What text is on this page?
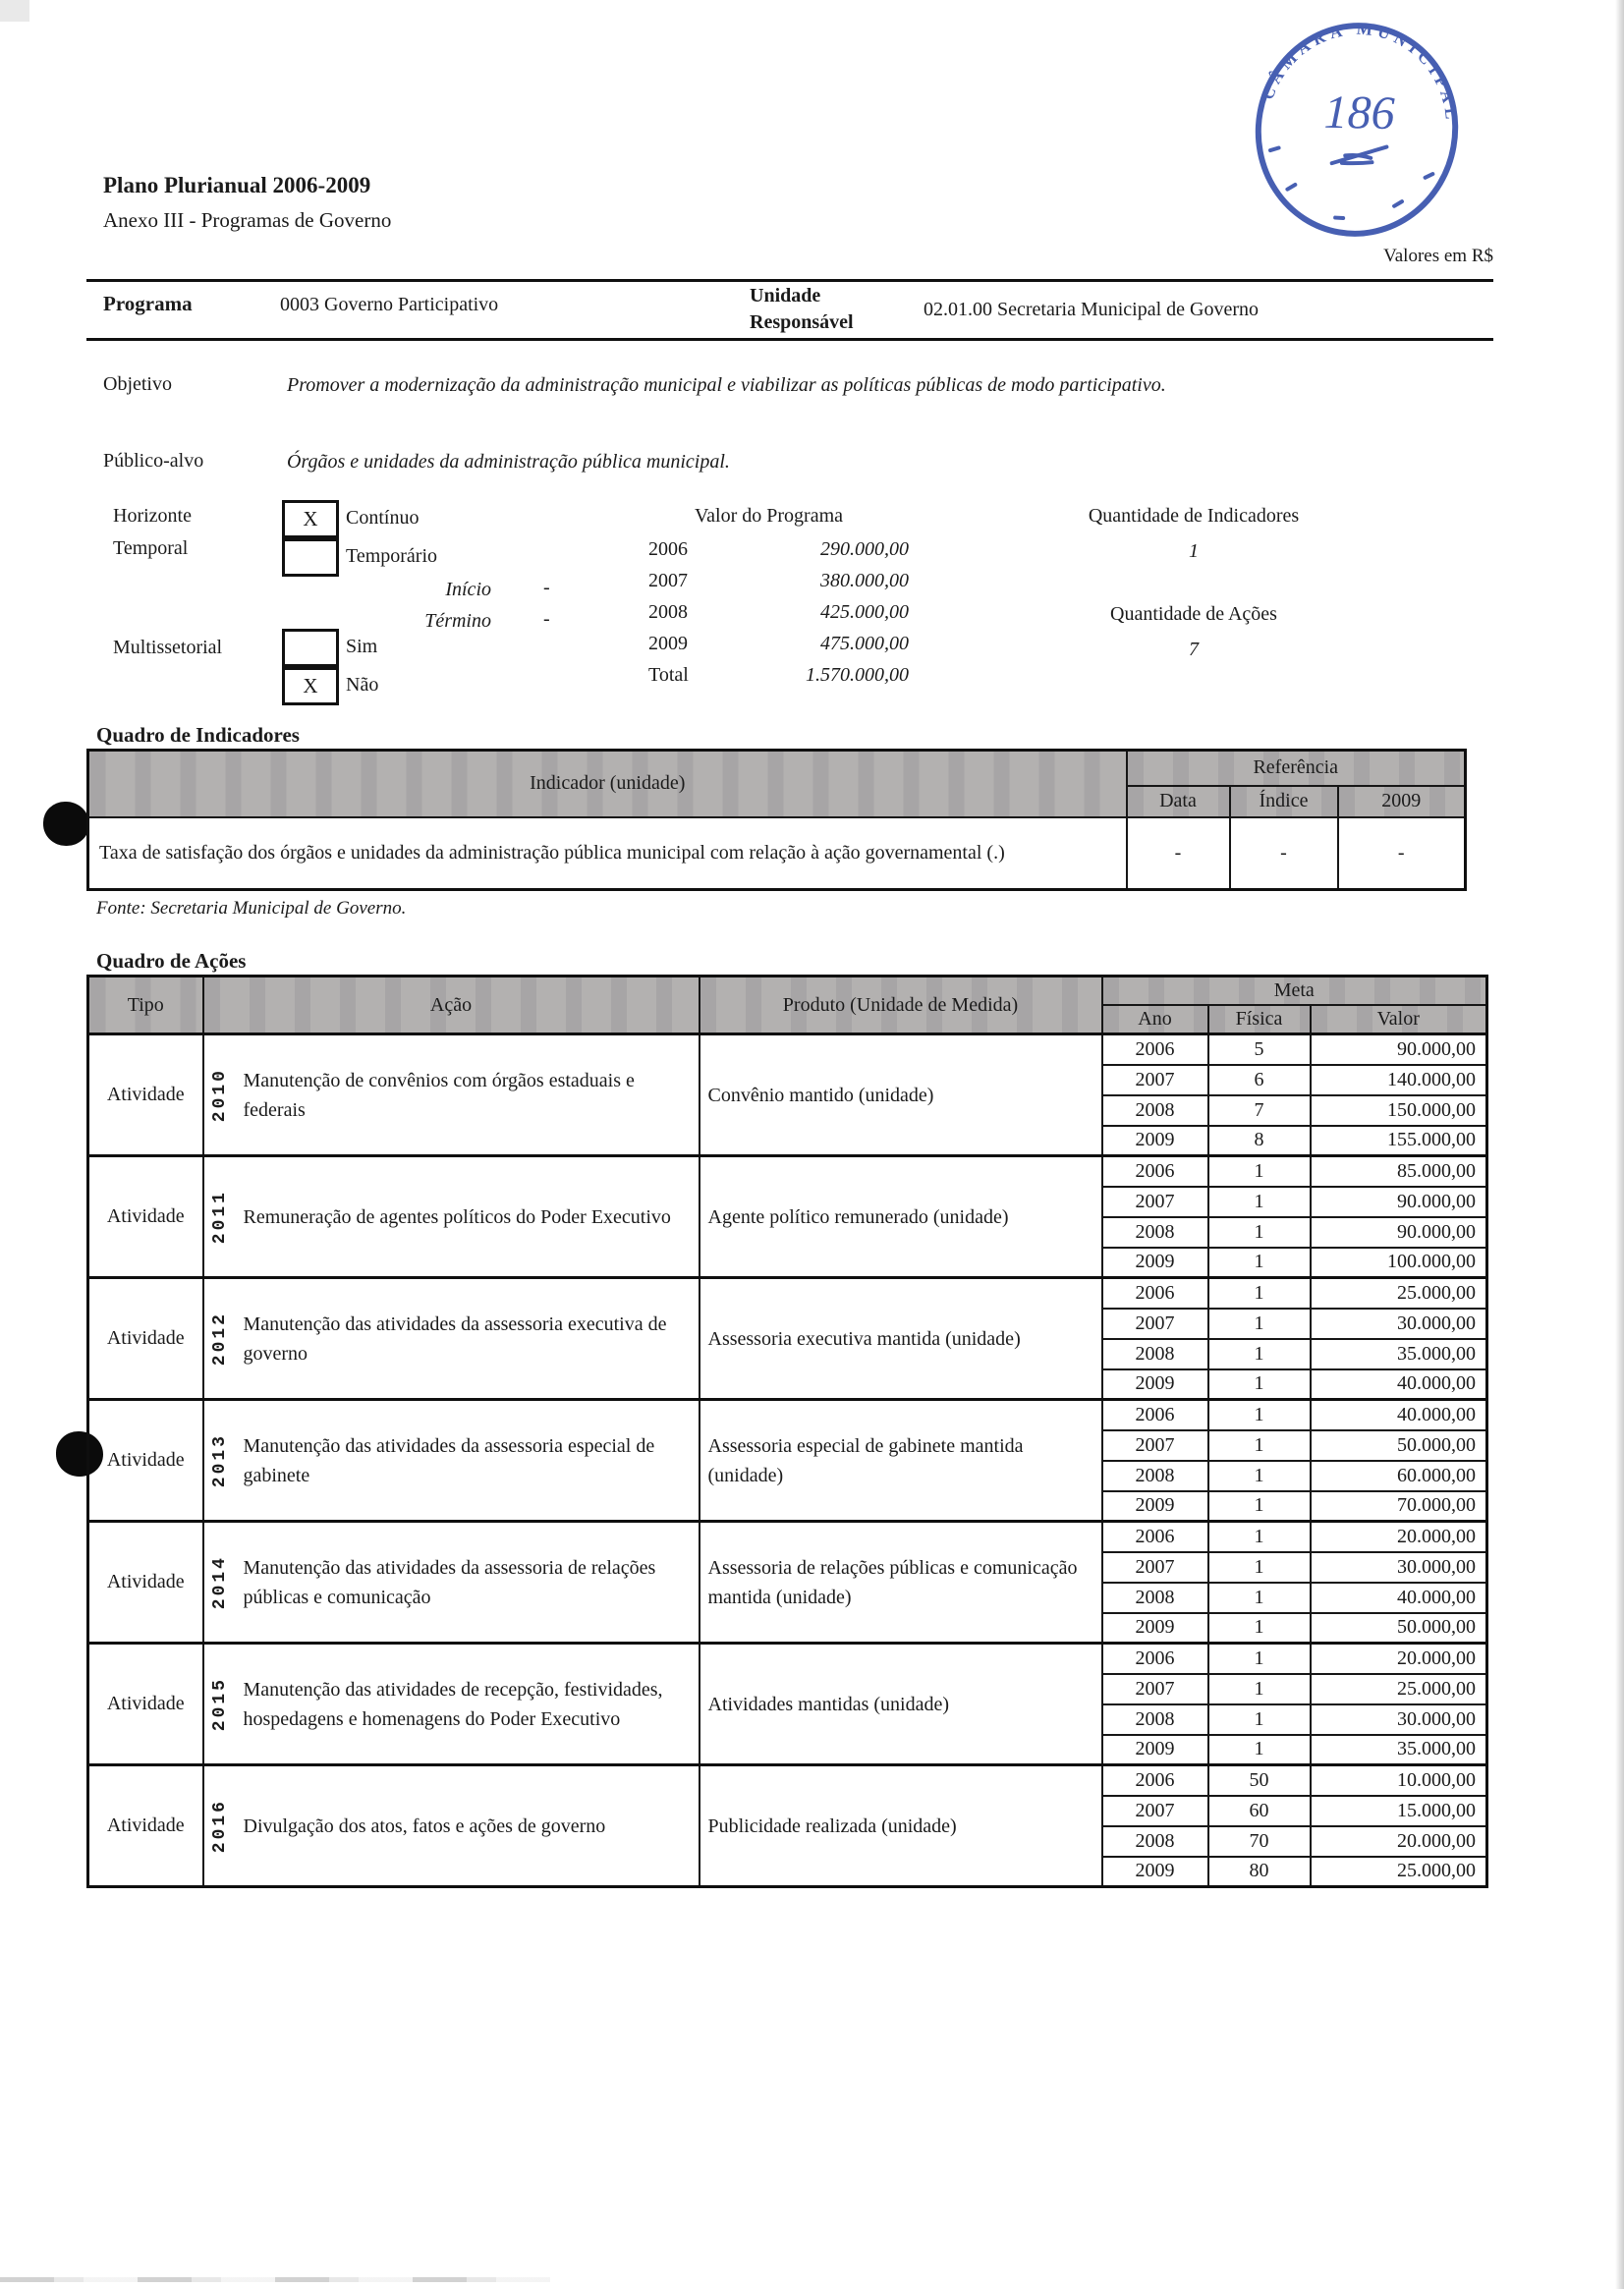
CÂMARA MUNICIPAL
186
Plano Plurianual 2006-2009
Anexo III - Programas de Governo
Valores em R$
Programa	0003 Governo Participativo	Unidade
Responsável
02.01.00 Secretaria Municipal de Governo
Objetivo	Promover a modernização da administração municipal e viabilizar as políticas públicas de modo participativo.
Público-alvo	Órgãos e unidades da administração pública municipal.
Horizonte
Temporal
X Contínuo
Temporário
Início	-
Término	-
Multissetorial	Sim
X Não
Valor do Programa
2006	290.000,00
2007	380.000,00
2008	425.000,00
2009	475.000,00
Total	1.570.000,00
Quantidade de Indicadores
1
Quantidade de Ações
7
Quadro de Indicadores
Indicador (unidade)	Referência		
	Data	Índice	2009
Taxa de satisfação dos órgãos e unidades da administração pública municipal com relação à ação governamental (.)	-	-	-
Fonte: Secretaria Municipal de Governo.
Quadro de Ações
Tipo	Ação	Produto (Unidade de Medida)	Meta		
			Ano	Física	Valor
Atividade	2010 Manutenção de convênios com órgãos estaduais e federais	Convênio mantido (unidade)	2006	5	90.000,00
			2007	6	140.000,00
			2008	7	150.000,00
			2009	8	155.000,00
Atividade	2011 Remuneração de agentes políticos do Poder Executivo	Agente político remunerado (unidade)	2006	1	85.000,00
			2007	1	90.000,00
			2008	1	90.000,00
			2009	1	100.000,00
Atividade	2012 Manutenção das atividades da assessoria executiva de governo	Assessoria executiva mantida (unidade)	2006	1	25.000,00
			2007	1	30.000,00
			2008	1	35.000,00
			2009	1	40.000,00
Atividade	2013 Manutenção das atividades da assessoria especial de gabinete	Assessoria especial de gabinete mantida (unidade)	2006	1	40.000,00
			2007	1	50.000,00
			2008	1	60.000,00
			2009	1	70.000,00
Atividade	2014 Manutenção das atividades da assessoria de relações públicas e comunicação	Assessoria de relações públicas e comunicação mantida (unidade)	2006	1	20.000,00
			2007	1	30.000,00
			2008	1	40.000,00
			2009	1	50.000,00
Atividade	2015 Manutenção das atividades de recepção, festividades, hospedagens e homenagens do Poder Executivo	Atividades mantidas (unidade)	2006	1	20.000,00
			2007	1	25.000,00
			2008	1	30.000,00
			2009	1	35.000,00
Atividade	2016 Divulgação dos atos, fatos e ações de governo	Publicidade realizada (unidade)	2006	50	10.000,00
			2007	60	15.000,00
			2008	70	20.000,00
			2009	80	25.000,00
